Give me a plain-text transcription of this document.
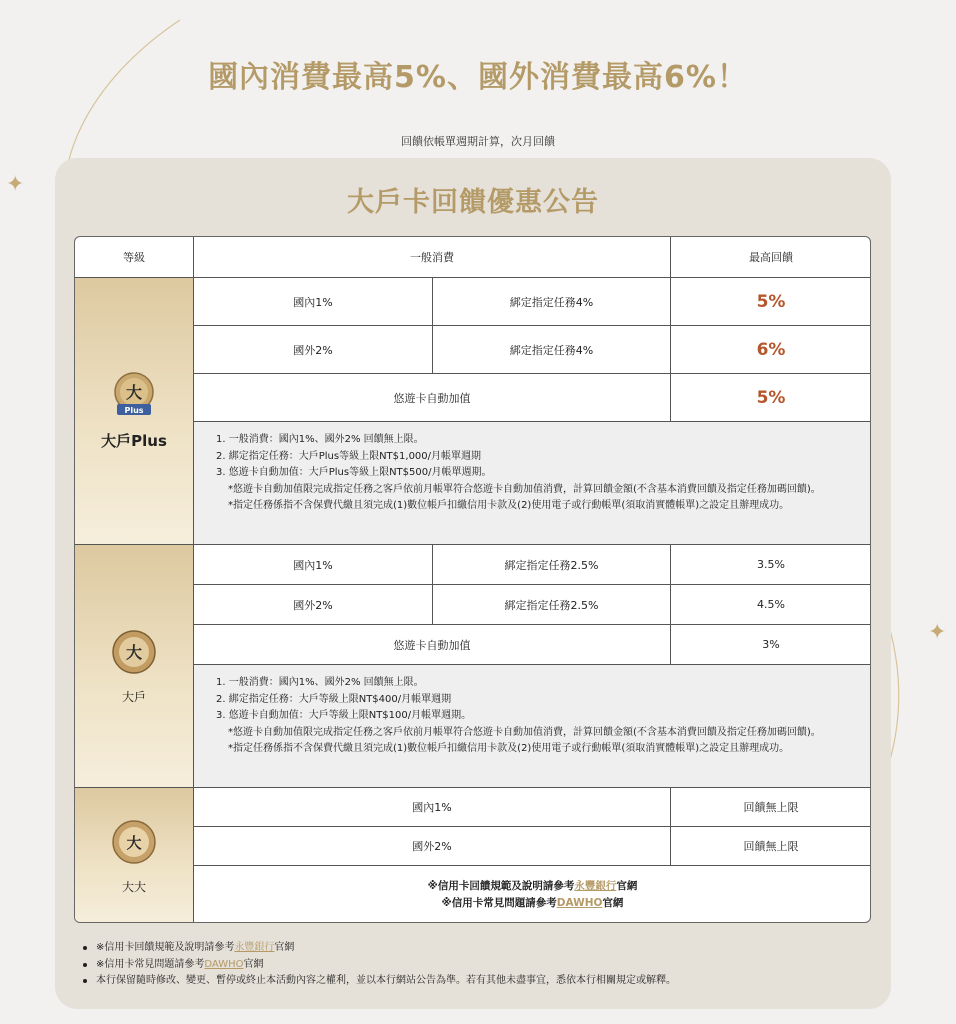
✦
✦
國內消費最高5%、國外消費最高6%！
回饋依帳單週期計算，次月回饋
大戶卡回饋優惠公告
等級	一般消費	最高回饋
大
Plus
大戶Plus
大
大戶
大
大大
國內1%	綁定指定任務4%	5%
國外2%	綁定指定任務4%	6%
悠遊卡自動加值	5%
1. 一般消費：國內1%、國外2% 回饋無上限。
2. 綁定指定任務：大戶Plus等級上限NT$1,000/月帳單週期
3. 悠遊卡自動加值：大戶Plus等級上限NT$500/月帳單週期。
*悠遊卡自動加值限完成指定任務之客戶依前月帳單符合悠遊卡自動加值消費，計算回饋金額(不含基本消費回饋及指定任務加碼回饋)。
*指定任務係指不含保費代繳且須完成(1)數位帳戶扣繳信用卡款及(2)使用電子或行動帳單(須取消實體帳單)之設定且辦理成功。
國內1%	綁定指定任務2.5%	3.5%
國外2%	綁定指定任務2.5%	4.5%
悠遊卡自動加值	3%
1. 一般消費：國內1%、國外2% 回饋無上限。
2. 綁定指定任務：大戶等級上限NT$400/月帳單週期
3. 悠遊卡自動加值：大戶等級上限NT$100/月帳單週期。
*悠遊卡自動加值限完成指定任務之客戶依前月帳單符合悠遊卡自動加值消費，計算回饋金額(不含基本消費回饋及指定任務加碼回饋)。
*指定任務係指不含保費代繳且須完成(1)數位帳戶扣繳信用卡款及(2)使用電子或行動帳單(須取消實體帳單)之設定且辦理成功。
國內1%	回饋無上限
國外2%	回饋無上限
※信用卡回饋規範及說明請參考永豐銀行官網
※信用卡常見問題請參考DAWHO官網
※信用卡回饋規範及說明請參考永豐銀行官網
※信用卡常見問題請參考DAWHO官網
本行保留隨時修改、變更、暫停或終止本活動內容之權利，並以本行網站公告為準。若有其他未盡事宜，悉依本行相關規定或解釋。
